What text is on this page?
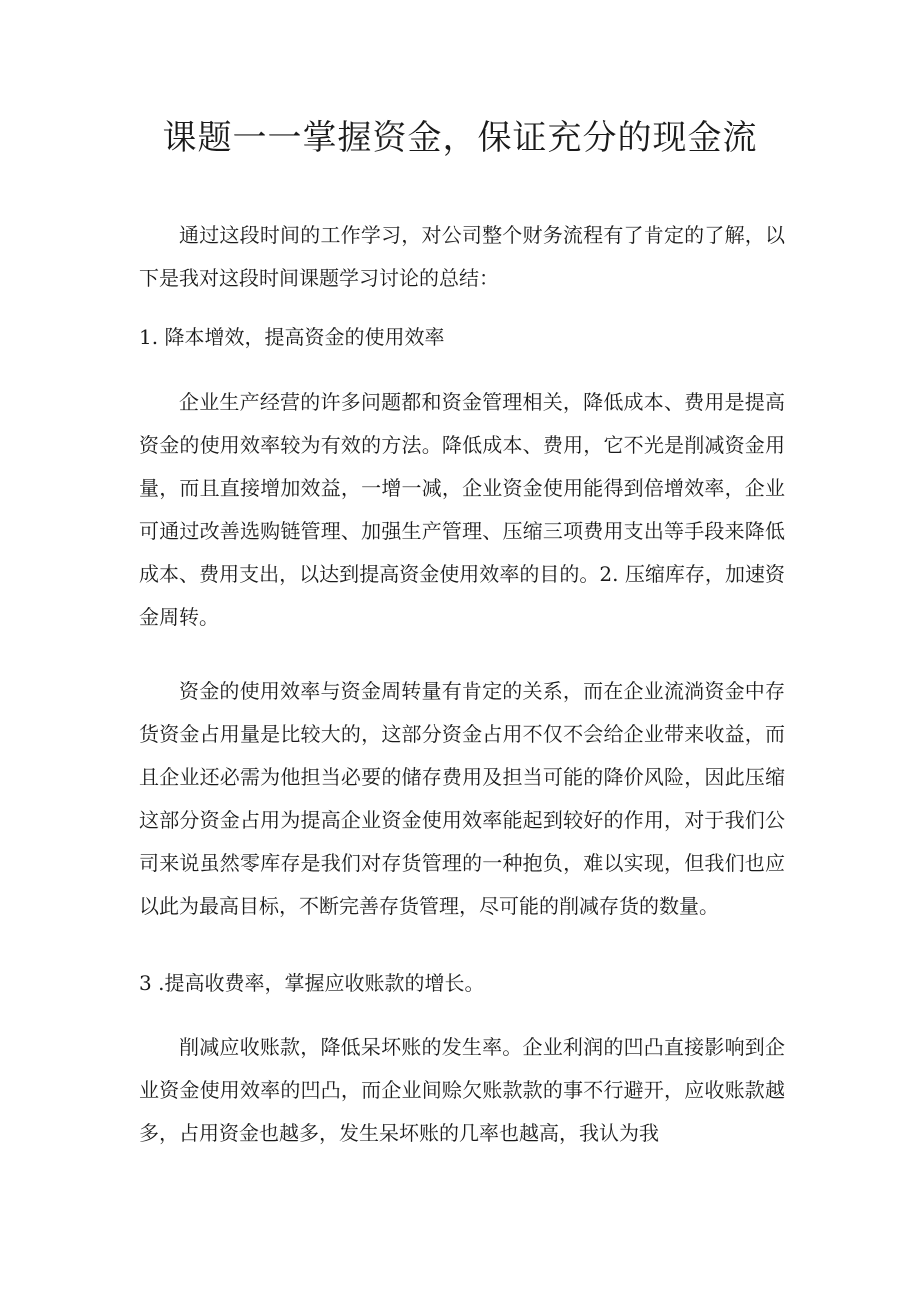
课题一一掌握资金，保证充分的现金流

通过这段时间的工作学习，对公司整个财务流程有了肯定的了解，以下是我对这段时间课题学习讨论的总结：

1. 降本增效，提高资金的使用效率

企业生产经营的许多问题都和资金管理相关，降低成本、费用是提高资金的使用效率较为有效的方法。降低成本、费用，它不光是削减资金用量，而且直接增加效益，一增一减，企业资金使用能得到倍增效率，企业可通过改善选购链管理、加强生产管理、压缩三项费用支出等手段来降低成本、费用支出，以达到提高资金使用效率的目的。2. 压缩库存，加速资金周转。

资金的使用效率与资金周转量有肯定的关系，而在企业流淌资金中存货资金占用量是比较大的，这部分资金占用不仅不会给企业带来收益，而且企业还必需为他担当必要的储存费用及担当可能的降价风险，因此压缩这部分资金占用为提高企业资金使用效率能起到较好的作用，对于我们公司来说虽然零库存是我们对存货管理的一种抱负，难以实现，但我们也应以此为最高目标，不断完善存货管理，尽可能的削减存货的数量。

3 .提高收费率，掌握应收账款的增长。

削减应收账款，降低呆坏账的发生率。企业利润的凹凸直接影响到企业资金使用效率的凹凸，而企业间赊欠账款款的事不行避开，应收账款越多，占用资金也越多，发生呆坏账的几率也越高，我认为我
